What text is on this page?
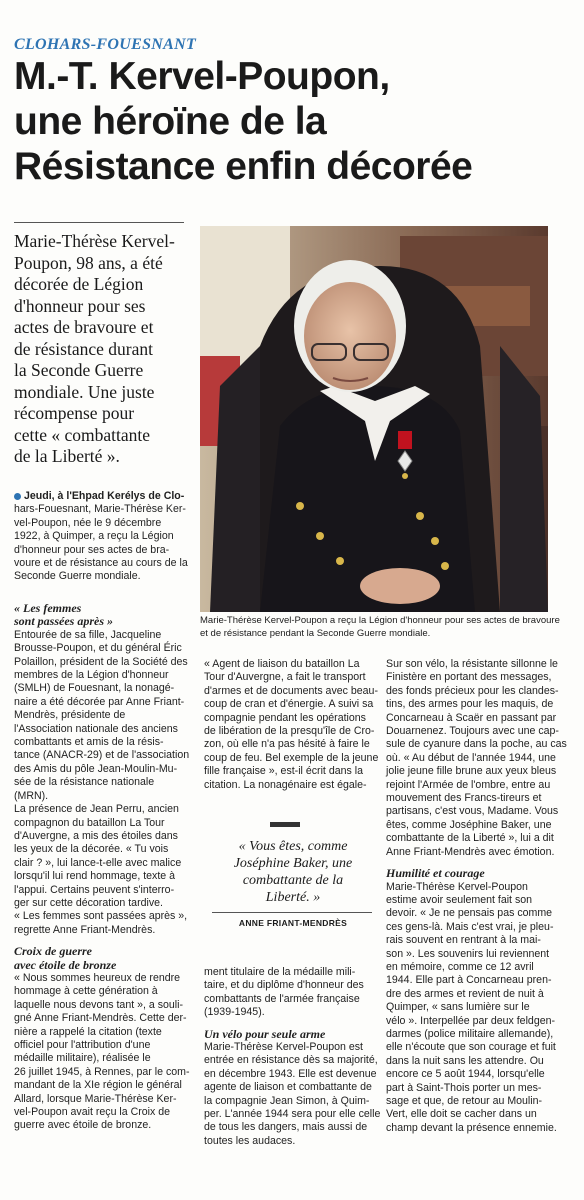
CLOHARS-FOUESNANT
M.-T. Kervel-Poupon,
une héroïne de la
Résistance enfin décorée
Marie-Thérèse Kervel-
Poupon, 98 ans, a été
décorée de Légion
d'honneur pour ses
actes de bravoure et
de résistance durant
la Seconde Guerre
mondiale. Une juste
récompense pour
cette « combattante
de la Liberté ».
Marie-Thérèse Kervel-Poupon a reçu la Légion d'honneur pour ses actes de bravoure
et de résistance pendant la Seconde Guerre mondiale.
Jeudi, à l'Ehpad Kerélys de Clo-
hars-Fouesnant, Marie-Thérèse Ker-
vel-Poupon, née le 9 décembre
1922, à Quimper, a reçu la Légion
d'honneur pour ses actes de bra-
voure et de résistance au cours de la
Seconde Guerre mondiale.
« Les femmes
sont passées après »
Entourée de sa fille, Jacqueline
Brousse-Poupon, et du général Éric
Polaillon, président de la Société des
membres de la Légion d'honneur
(SMLH) de Fouesnant, la nonagé-
naire a été décorée par Anne Friant-
Mendrès, présidente de
l'Association nationale des anciens
combattants et amis de la résis-
tance (ANACR-29) et de l'association
des Amis du pôle Jean-Moulin-Mu-
sée de la résistance nationale
(MRN).
La présence de Jean Perru, ancien
compagnon du bataillon La Tour
d'Auvergne, a mis des étoiles dans
les yeux de la décorée. « Tu vois
clair ? », lui lance-t-elle avec malice
lorsqu'il lui rend hommage, texte à
l'appui. Certains peuvent s'interro-
ger sur cette décoration tardive.
« Les femmes sont passées après »,
regrette Anne Friant-Mendrès.
Croix de guerre
avec étoile de bronze
« Nous sommes heureux de rendre
hommage à cette génération à
laquelle nous devons tant », a souli-
gné Anne Friant-Mendrès. Cette der-
nière a rappelé la citation (texte
officiel pour l'attribution d'une
médaille militaire), réalisée le
26 juillet 1945, à Rennes, par le com-
mandant de la XIe région le général
Allard, lorsque Marie-Thérèse Ker-
vel-Poupon avait reçu la Croix de
guerre avec étoile de bronze.
« Agent de liaison du bataillon La
Tour d'Auvergne, a fait le transport
d'armes et de documents avec beau-
coup de cran et d'énergie. A suivi sa
compagnie pendant les opérations
de libération de la presqu'île de Cro-
zon, où elle n'a pas hésité à faire le
coup de feu. Bel exemple de la jeune
fille française », est-il écrit dans la
citation. La nonagénaire est égale-
« Vous êtes, comme
Joséphine Baker, une
combattante de la
Liberté. »
ANNE FRIANT-MENDRÈS
ment titulaire de la médaille mili-
taire, et du diplôme d'honneur des
combattants de l'armée française
(1939-1945).
Un vélo pour seule arme
Marie-Thérèse Kervel-Poupon est
entrée en résistance dès sa majorité,
en décembre 1943. Elle est devenue
agente de liaison et combattante de
la compagnie Jean Simon, à Quim-
per. L'année 1944 sera pour elle celle
de tous les dangers, mais aussi de
toutes les audaces.
Sur son vélo, la résistante sillonne le
Finistère en portant des messages,
des fonds précieux pour les clandes-
tins, des armes pour les maquis, de
Concarneau à Scaër en passant par
Douarnenez. Toujours avec une cap-
sule de cyanure dans la poche, au cas
où. « Au début de l'année 1944, une
jolie jeune fille brune aux yeux bleus
rejoint l'Armée de l'ombre, entre au
mouvement des Francs-tireurs et
partisans, c'est vous, Madame. Vous
êtes, comme Joséphine Baker, une
combattante de la Liberté », lui a dit
Anne Friant-Mendrès avec émotion.
Humilité et courage
Marie-Thérèse Kervel-Poupon
estime avoir seulement fait son
devoir. « Je ne pensais pas comme
ces gens-là. Mais c'est vrai, je pleu-
rais souvent en rentrant à la mai-
son ». Les souvenirs lui reviennent
en mémoire, comme ce 12 avril
1944. Elle part à Concarneau pren-
dre des armes et revient de nuit à
Quimper, « sans lumière sur le
vélo ». Interpellée par deux feldgen-
darmes (police militaire allemande),
elle n'écoute que son courage et fuit
dans la nuit sans les attendre. Ou
encore ce 5 août 1944, lorsqu'elle
part à Saint-Thois porter un mes-
sage et que, de retour au Moulin-
Vert, elle doit se cacher dans un
champ devant la présence ennemie.
